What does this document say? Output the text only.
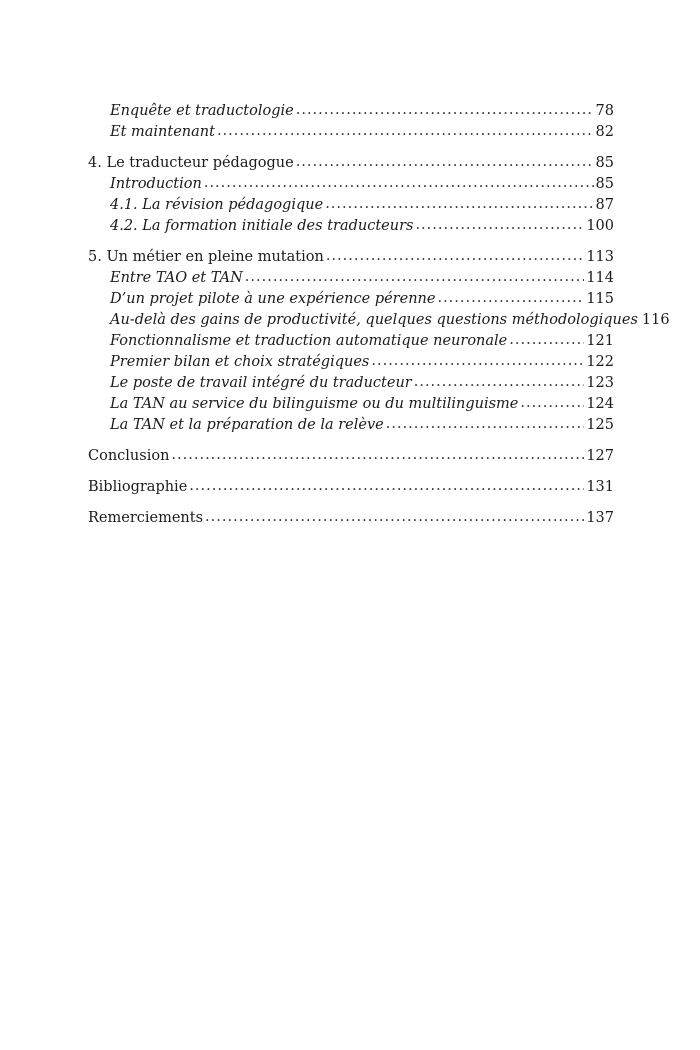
Enquête et traductologie .....	78
Et maintenant .....	82
4. Le traducteur pédagogue .....	85
Introduction .....	85
4.1. La révision pédagogique .....	87
4.2. La formation initiale des traducteurs .....	100
5. Un métier en pleine mutation .....	113
Entre TAO et TAN .....	114
D’un projet pilote à une expérience pérenne .....	115
Au-delà des gains de productivité, quelques questions méthodologiques 116
Fonctionnalisme et traduction automatique neuronale .....	121
Premier bilan et choix stratégiques .....	122
Le poste de travail intégré du traducteur .....	123
La TAN au service du bilinguisme ou du multilinguisme .....	124
La TAN et la préparation de la relève .....	125
Conclusion .....	127
Bibliographie .....	131
Remerciements .....	137
